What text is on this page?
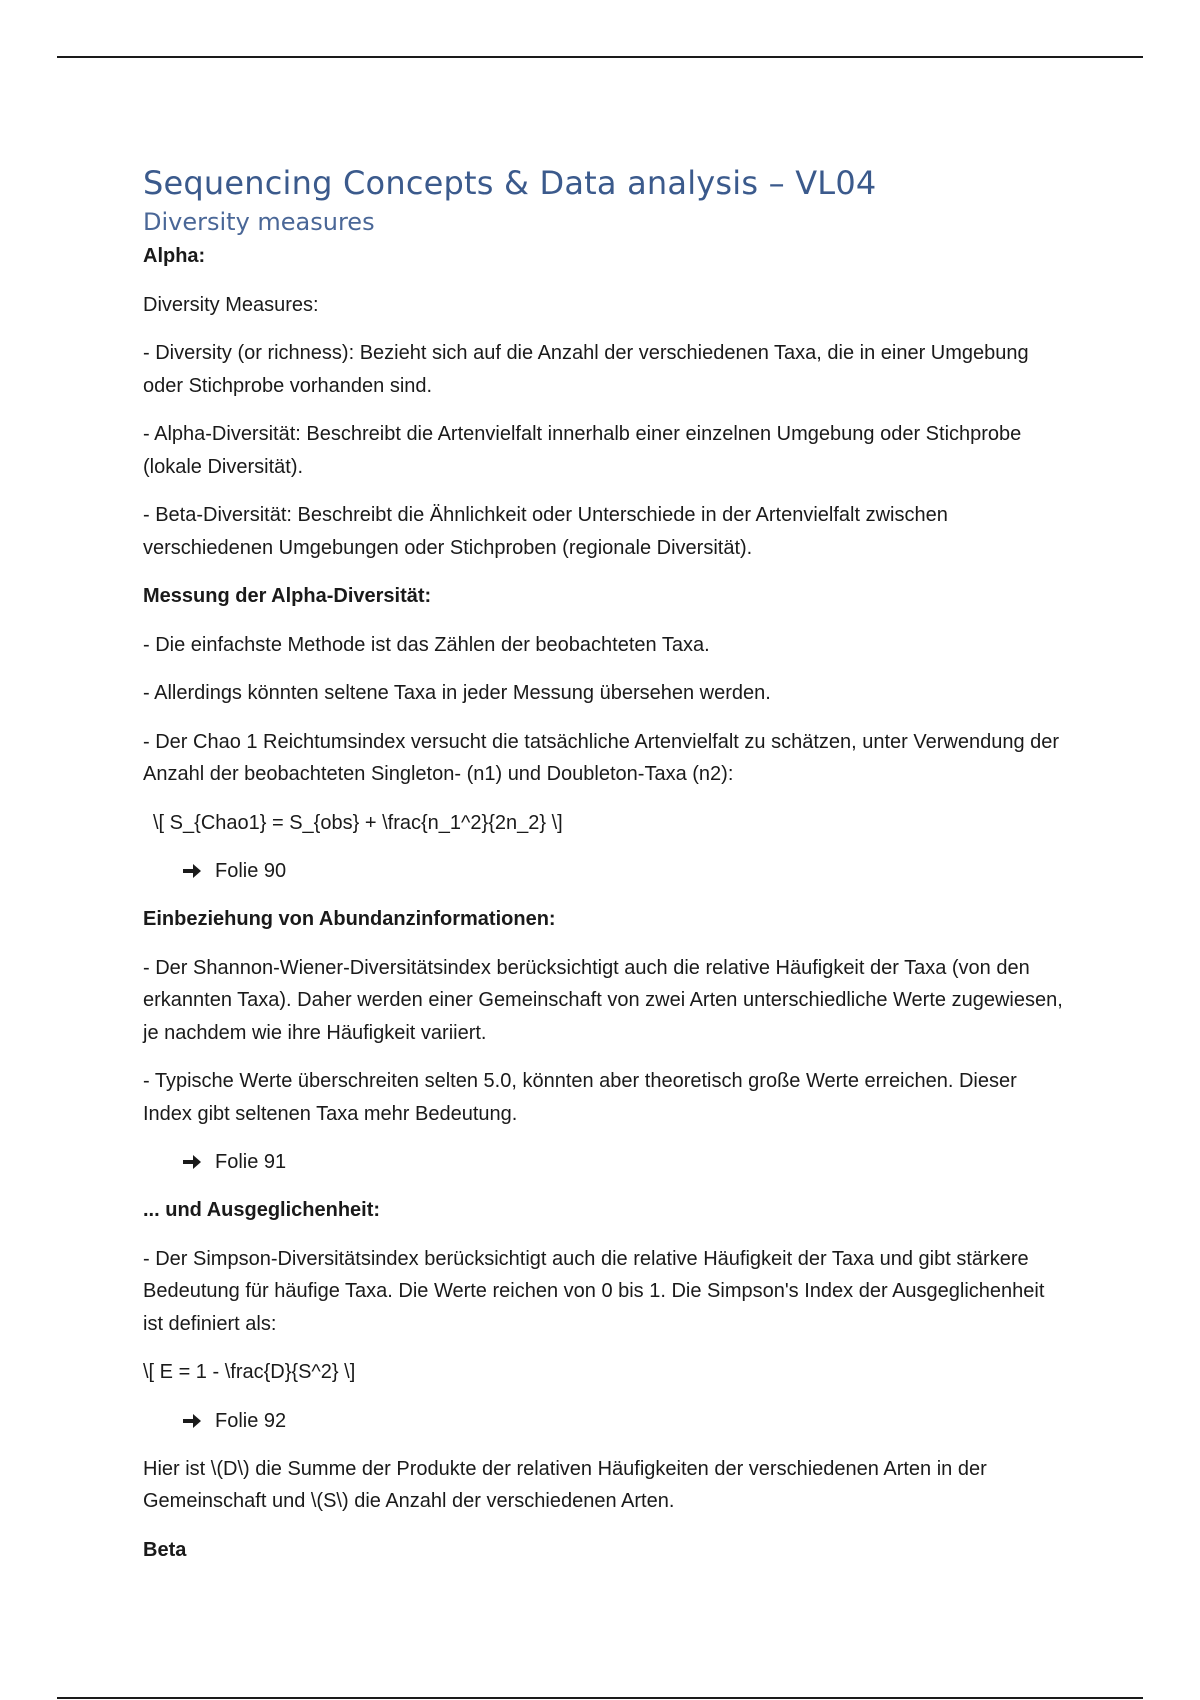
Sequencing Concepts & Data analysis – VL04
Diversity measures

Alpha:

Diversity Measures:

- Diversity (or richness): Bezieht sich auf die Anzahl der verschiedenen Taxa, die in einer Umgebung oder Stichprobe vorhanden sind.

- Alpha-Diversität: Beschreibt die Artenvielfalt innerhalb einer einzelnen Umgebung oder Stichprobe (lokale Diversität).

- Beta-Diversität: Beschreibt die Ähnlichkeit oder Unterschiede in der Artenvielfalt zwischen verschiedenen Umgebungen oder Stichproben (regionale Diversität).

Messung der Alpha-Diversität:

- Die einfachste Methode ist das Zählen der beobachteten Taxa.

- Allerdings könnten seltene Taxa in jeder Messung übersehen werden.

- Der Chao 1 Reichtumsindex versucht die tatsächliche Artenvielfalt zu schätzen, unter Verwendung der Anzahl der beobachteten Singleton- (n1) und Doubleton-Taxa (n2):

\[ S_{Chao1} = S_{obs} + \frac{n_1^2}{2n_2} \]

Folie 90

Einbeziehung von Abundanzinformationen:

- Der Shannon-Wiener-Diversitätsindex berücksichtigt auch die relative Häufigkeit der Taxa (von den erkannten Taxa). Daher werden einer Gemeinschaft von zwei Arten unterschiedliche Werte zugewiesen, je nachdem wie ihre Häufigkeit variiert.

- Typische Werte überschreiten selten 5.0, könnten aber theoretisch große Werte erreichen. Dieser Index gibt seltenen Taxa mehr Bedeutung.

Folie 91

... und Ausgeglichenheit:

- Der Simpson-Diversitätsindex berücksichtigt auch die relative Häufigkeit der Taxa und gibt stärkere Bedeutung für häufige Taxa. Die Werte reichen von 0 bis 1. Die Simpson's Index der Ausgeglichenheit ist definiert als:

\[ E = 1 - \frac{D}{S^2} \]

Folie 92

Hier ist \(D\) die Summe der Produkte der relativen Häufigkeiten der verschiedenen Arten in der Gemeinschaft und \(S\) die Anzahl der verschiedenen Arten.

Beta
